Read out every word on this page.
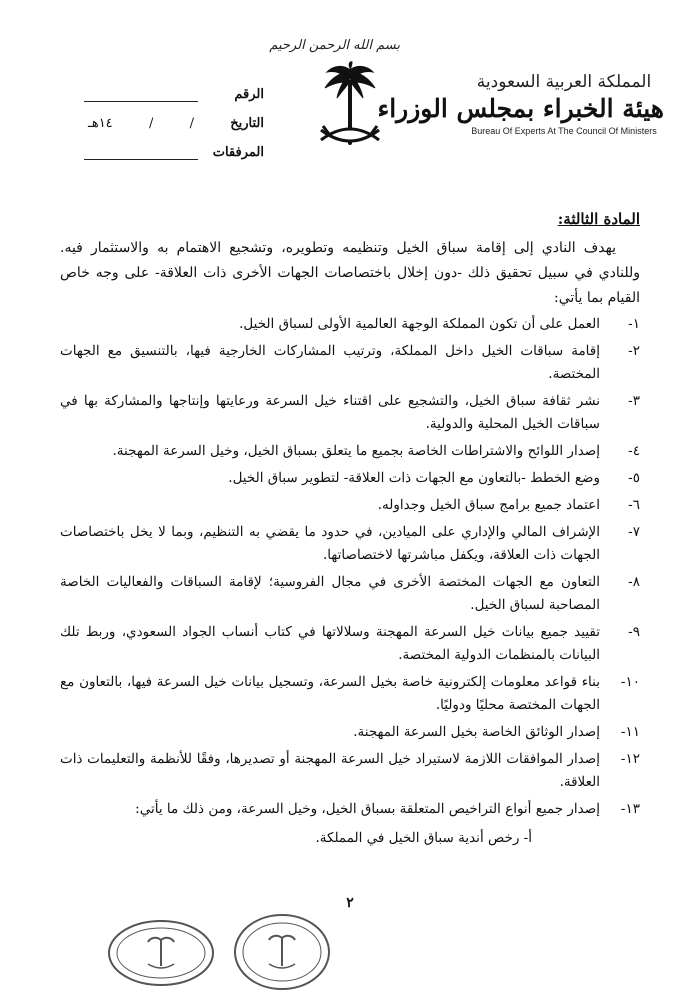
بسم الله الرحمن الرحيم
المملكة العربية السعودية
هيئة الخبراء بمجلس الوزراء
Bureau Of Experts At The Council Of Ministers
الرقم
التاريخ
/
/
١٤هـ
المرفقات
المادة الثالثة:

يهدف النادي إلى إقامة سباق الخيل وتنظيمه وتطويره، وتشجيع الاهتمام به والاستثمار فيه. وللنادي في سبيل تحقيق ذلك -دون إخلال باختصاصات الجهات الأخرى ذات العلاقة- على وجه خاص القيام بما يأتي:

١-
العمل على أن تكون المملكة الوجهة العالمية الأولى لسباق الخيل.
٢-
إقامة سباقات الخيل داخل المملكة، وترتيب المشاركات الخارجية فيها، بالتنسيق مع الجهات المختصة.
٣-
نشر ثقافة سباق الخيل، والتشجيع على اقتناء خيل السرعة ورعايتها وإنتاجها والمشاركة بها في سباقات الخيل المحلية والدولية.
٤-
إصدار اللوائح والاشتراطات الخاصة بجميع ما يتعلق بسباق الخيل، وخيل السرعة المهجنة.
٥-
وضع الخطط -بالتعاون مع الجهات ذات العلاقة- لتطوير سباق الخيل.
٦-
اعتماد جميع برامج سباق الخيل وجداوله.
٧-
الإشراف المالي والإداري على الميادين، في حدود ما يقضي به التنظيم، وبما لا يخل باختصاصات الجهات ذات العلاقة، ويكفل مباشرتها لاختصاصاتها.
٨-
التعاون مع الجهات المختصة الأخرى في مجال الفروسية؛ لإقامة السباقات والفعاليات الخاصة المصاحبة لسباق الخيل.
٩-
تقييد جميع بيانات خيل السرعة المهجنة وسلالاتها في كتاب أنساب الجواد السعودي، وربط تلك البيانات بالمنظمات الدولية المختصة.
١٠-
بناء قواعد معلومات إلكترونية خاصة بخيل السرعة، وتسجيل بيانات خيل السرعة فيها، بالتعاون مع الجهات المختصة محليًا ودوليًا.
١١-
إصدار الوثائق الخاصة بخيل السرعة المهجنة.
١٢-
إصدار الموافقات اللازمة لاستيراد خيل السرعة المهجنة أو تصديرها، وفقًا للأنظمة والتعليمات ذات العلاقة.
١٣-
إصدار جميع أنواع التراخيص المتعلقة بسباق الخيل، وخيل السرعة، ومن ذلك ما يأتي:
أ- رخص أندية سباق الخيل في المملكة.
٢
